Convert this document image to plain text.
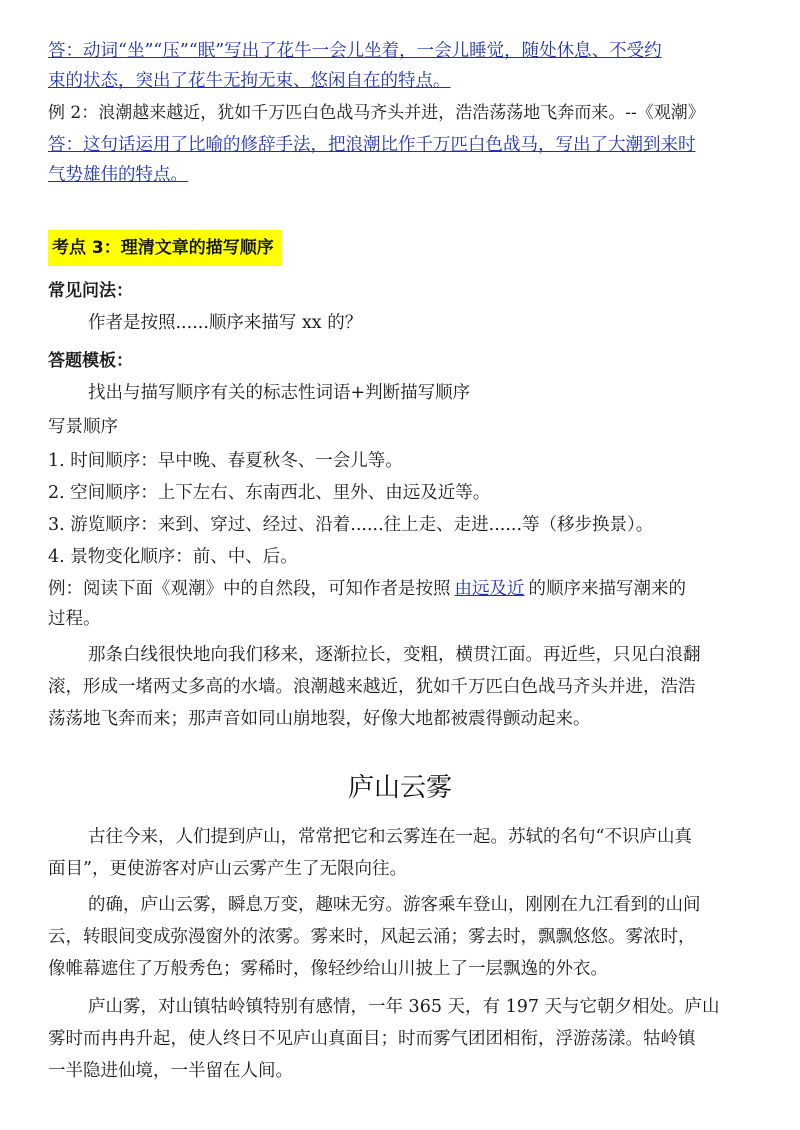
答：动词“坐”“压”“眠”写出了花牛一会儿坐着，一会儿睡觉，随处休息、不受约
束的状态，突出了花牛无拘无束、悠闲自在的特点。
例 2：浪潮越来越近，犹如千万匹白色战马齐头并进，浩浩荡荡地飞奔而来。--《观潮》
答：这句话运用了比喻的修辞手法，把浪潮比作千万匹白色战马，写出了大潮到来时
气势雄伟的特点。
考点 3：理清文章的描写顺序
常见问法：
作者是按照......顺序来描写 xx 的？
答题模板：
找出与描写顺序有关的标志性词语+判断描写顺序
写景顺序
1. 时间顺序：早中晚、春夏秋冬、一会儿等。
2. 空间顺序：上下左右、东南西北、里外、由远及近等。
3. 游览顺序：来到、穿过、经过、沿着......往上走、走进......等（移步换景）。
4. 景物变化顺序：前、中、后。
例：阅读下面《观潮》中的自然段，可知作者是按照 由远及近 的顺序来描写潮来的
过程。
那条白线很快地向我们移来，逐渐拉长，变粗，横贯江面。再近些，只见白浪翻
滚，形成一堵两丈多高的水墙。浪潮越来越近，犹如千万匹白色战马齐头并进，浩浩
荡荡地飞奔而来；那声音如同山崩地裂，好像大地都被震得颤动起来。
庐山云雾
古往今来，人们提到庐山，常常把它和云雾连在一起。苏轼的名句“不识庐山真
面目”，更使游客对庐山云雾产生了无限向往。
的确，庐山云雾，瞬息万变，趣味无穷。游客乘车登山，刚刚在九江看到的山间
云，转眼间变成弥漫窗外的浓雾。雾来时，风起云涌；雾去时，飘飘悠悠。雾浓时，
像帷幕遮住了万般秀色；雾稀时，像轻纱给山川披上了一层飘逸的外衣。
庐山雾，对山镇牯岭镇特别有感情，一年 365 天，有 197 天与它朝夕相处。庐山
雾时而冉冉升起，使人终日不见庐山真面目；时而雾气团团相衔，浮游荡漾。牯岭镇
一半隐进仙境，一半留在人间。
